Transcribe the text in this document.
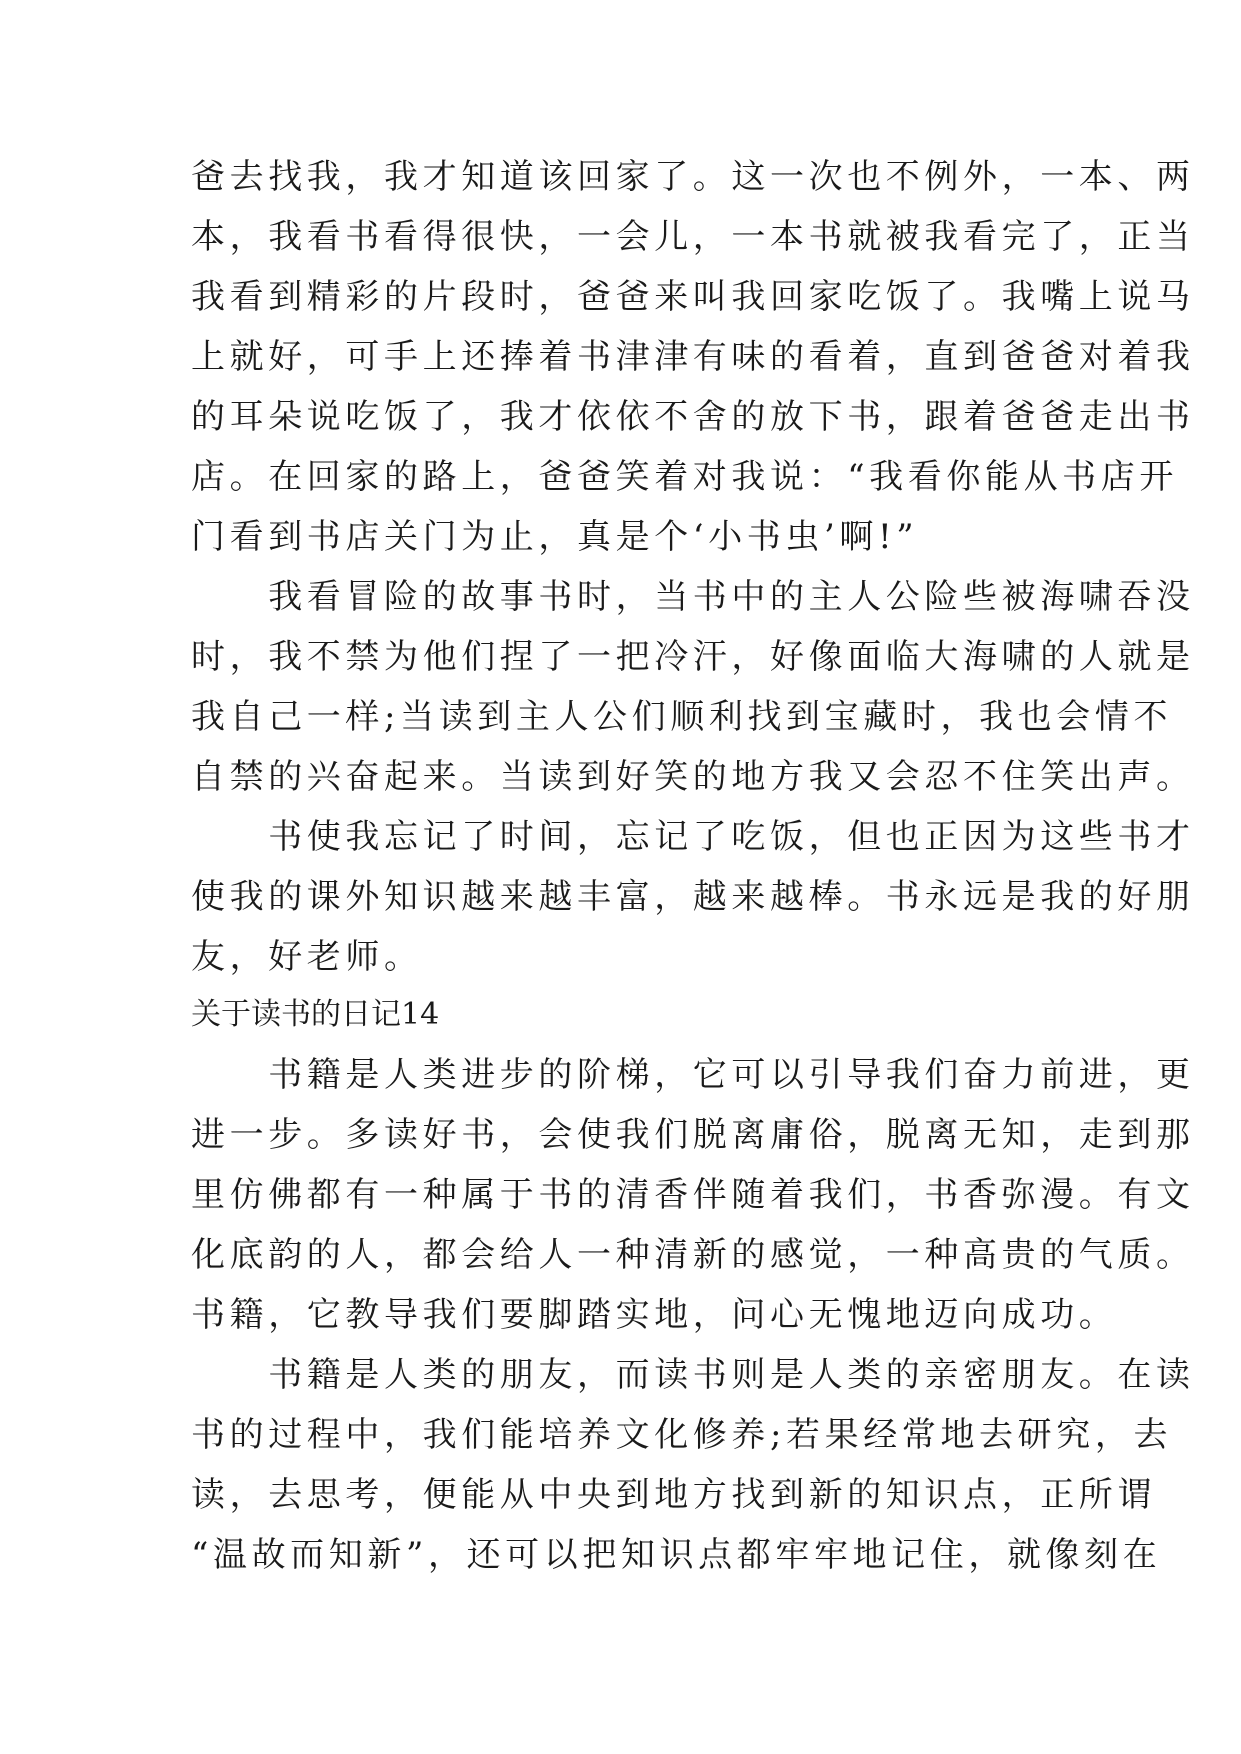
爸去找我，我才知道该回家了。这一次也不例外，一本、两
本，我看书看得很快，一会儿，一本书就被我看完了，正当
我看到精彩的片段时，爸爸来叫我回家吃饭了。我嘴上说马
上就好，可手上还捧着书津津有味的看着，直到爸爸对着我
的耳朵说吃饭了，我才依依不舍的放下书，跟着爸爸走出书
店。在回家的路上，爸爸笑着对我说：“我看你能从书店开
门看到书店关门为止，真是个‘小书虫’啊!”
　　我看冒险的故事书时，当书中的主人公险些被海啸吞没
时，我不禁为他们捏了一把冷汗，好像面临大海啸的人就是
我自己一样;当读到主人公们顺利找到宝藏时，我也会情不
自禁的兴奋起来。当读到好笑的地方我又会忍不住笑出声。
　　书使我忘记了时间，忘记了吃饭，但也正因为这些书才
使我的课外知识越来越丰富，越来越棒。书永远是我的好朋
友，好老师。
关于读书的日记14
　　书籍是人类进步的阶梯，它可以引导我们奋力前进，更
进一步。多读好书，会使我们脱离庸俗，脱离无知，走到那
里仿佛都有一种属于书的清香伴随着我们，书香弥漫。有文
化底韵的人，都会给人一种清新的感觉，一种高贵的气质。
书籍，它教导我们要脚踏实地，问心无愧地迈向成功。
　　书籍是人类的朋友，而读书则是人类的亲密朋友。在读
书的过程中，我们能培养文化修养;若果经常地去研究，去
读，去思考，便能从中央到地方找到新的知识点，正所谓
“温故而知新”，还可以把知识点都牢牢地记住，就像刻在
